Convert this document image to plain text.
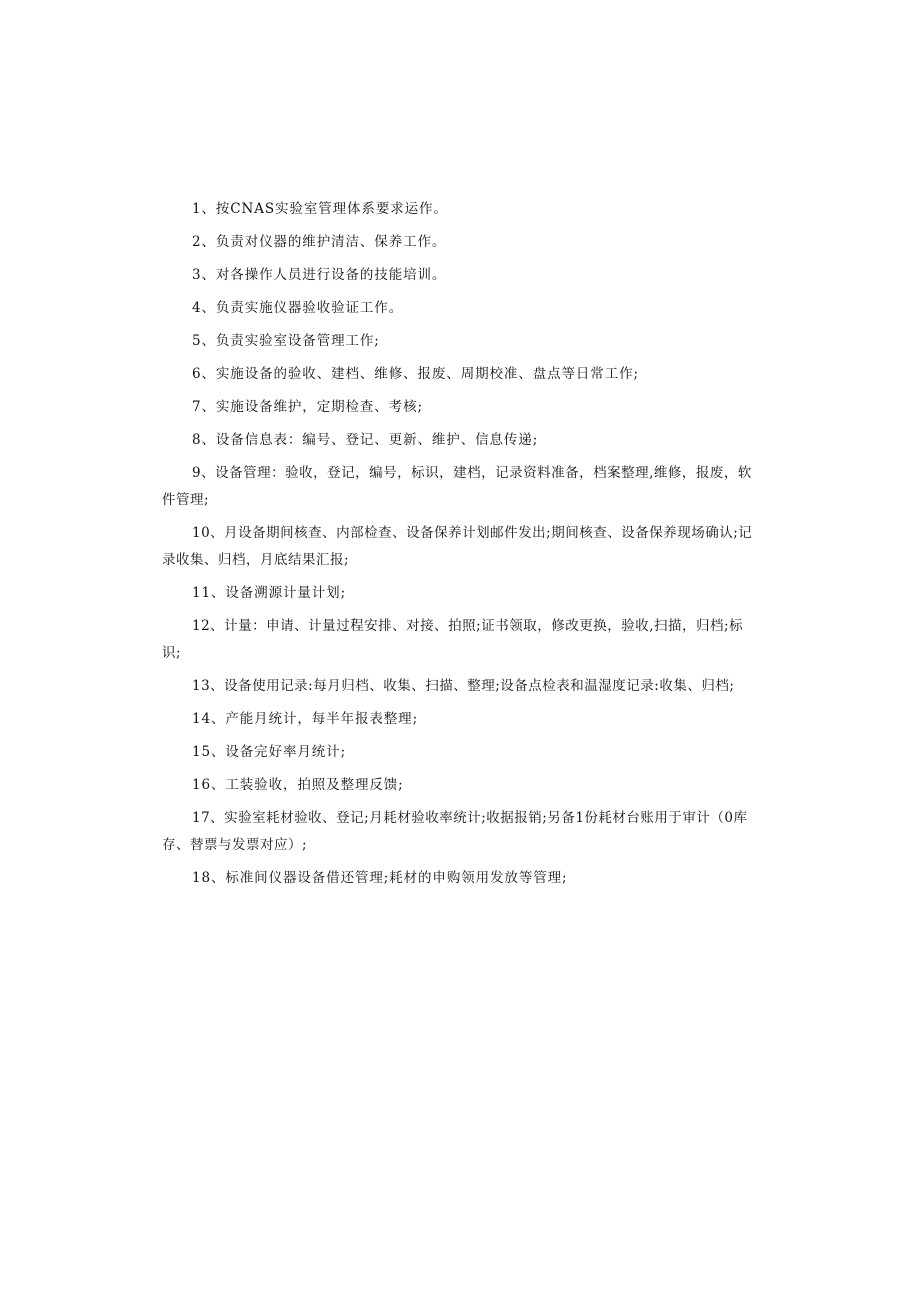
1、按CNAS实验室管理体系要求运作。

2、负责对仪器的维护清洁、保养工作。

3、对各操作人员进行设备的技能培训。

4、负责实施仪器验收验证工作。

5、负责实验室设备管理工作;

6、实施设备的验收、建档、维修、报废、周期校准、盘点等日常工作;

7、实施设备维护，定期检查、考核;

8、设备信息表：编号、登记、更新、维护、信息传递;

9、设备管理：验收，登记，编号，标识，建档，记录资料准备，档案整理,维修，报废，软件管理;

10、月设备期间核查、内部检查、设备保养计划邮件发出;期间核查、设备保养现场确认;记录收集、归档，月底结果汇报;

11、设备溯源计量计划;

12、计量：申请、计量过程安排、对接、拍照;证书领取，修改更换，验收,扫描，归档;标识;

13、设备使用记录:每月归档、收集、扫描、整理;设备点检表和温湿度记录:收集、归档;

14、产能月统计，每半年报表整理;

15、设备完好率月统计;

16、工装验收，拍照及整理反馈;

17、实验室耗材验收、登记;月耗材验收率统计;收据报销;另备1份耗材台账用于审计（0库存、替票与发票对应）;

18、标准间仪器设备借还管理;耗材的申购领用发放等管理;
